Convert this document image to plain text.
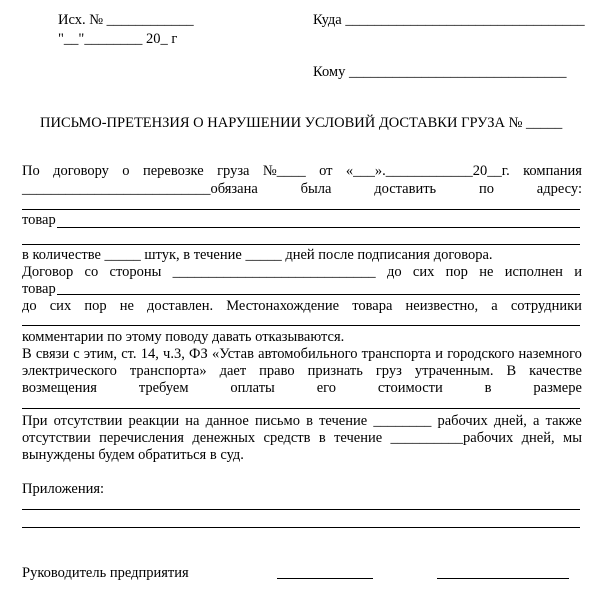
Исх. № ____________
"__"________ 20_ г
Куда _________________________________
Кому ______________________________
ПИСЬМО-ПРЕТЕНЗИЯ О НАРУШЕНИИ УСЛОВИЙ ДОСТАВКИ ГРУЗА № _____
По договору о перевозке груза №____ от «___».____________20__г. компания
__________________________обязана	была	доставить	по	адресу:
товар
в количестве _____ штук, в течение _____ дней после подписания договора.
Договор со стороны ____________________________ до сих пор не исполнен и
товар
до сих пор не доставлен. Местонахождение товара неизвестно, а сотрудники
комментарии по этому поводу давать отказываются.
В связи с этим, ст. 14, ч.3, ФЗ «Устав автомобильного транспорта и городского наземного
электрического транспорта» дает право признать груз утраченным. В качестве
возмещения	требуем	оплаты	его	стоимости	в	размере
При отсутствии реакции на данное письмо в течение ________ рабочих дней, а также
отсутствии перечисления денежных средств в течение __________рабочих дней, мы
вынуждены будем обратиться в суд.
Приложения:
Руководитель предприятия
